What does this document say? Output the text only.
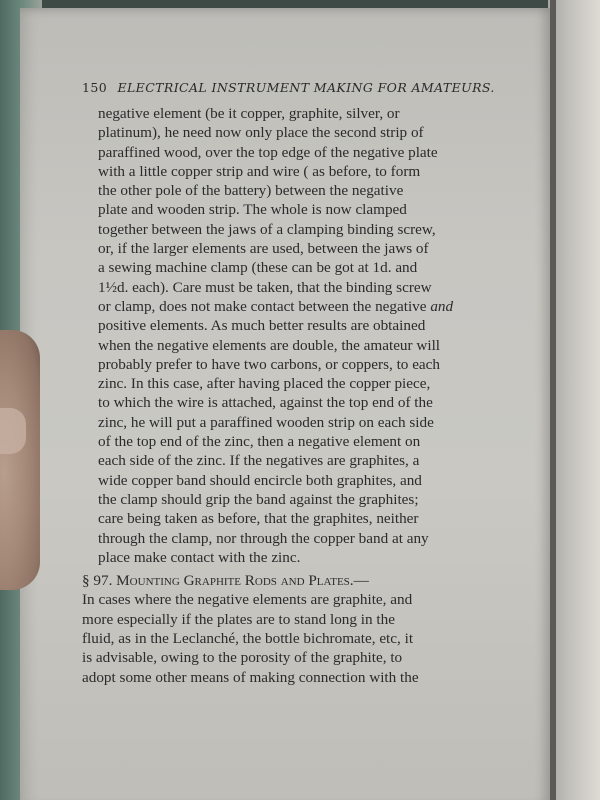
150 ELECTRICAL INSTRUMENT MAKING FOR AMATEURS.
negative element (be it copper, graphite, silver, or
platinum), he need now only place the second strip of
paraffined wood, over the top edge of the negative plate
with a little copper strip and wire ( as before, to form
the other pole of the battery) between the negative
plate and wooden strip. The whole is now clamped
together between the jaws of a clamping binding screw,
or, if the larger elements are used, between the jaws of
a sewing machine clamp (these can be got at 1d. and
1½d. each). Care must be taken, that the binding screw
or clamp, does not make contact between the negative and
positive elements. As much better results are obtained
when the negative elements are double, the amateur will
probably prefer to have two carbons, or coppers, to each
zinc. In this case, after having placed the copper piece,
to which the wire is attached, against the top end of the
zinc, he will put a paraffined wooden strip on each side
of the top end of the zinc, then a negative element on
each side of the zinc. If the negatives are graphites, a
wide copper band should encircle both graphites, and
the clamp should grip the band against the graphites;
care being taken as before, that the graphites, neither
through the clamp, nor through the copper band at any
place make contact with the zinc.
§ 97. Mounting Graphite Rods and Plates.—
In cases where the negative elements are graphite, and
more especially if the plates are to stand long in the
fluid, as in the Leclanché, the bottle bichromate, etc, it
is advisable, owing to the porosity of the graphite, to
adopt some other means of making connection with the
